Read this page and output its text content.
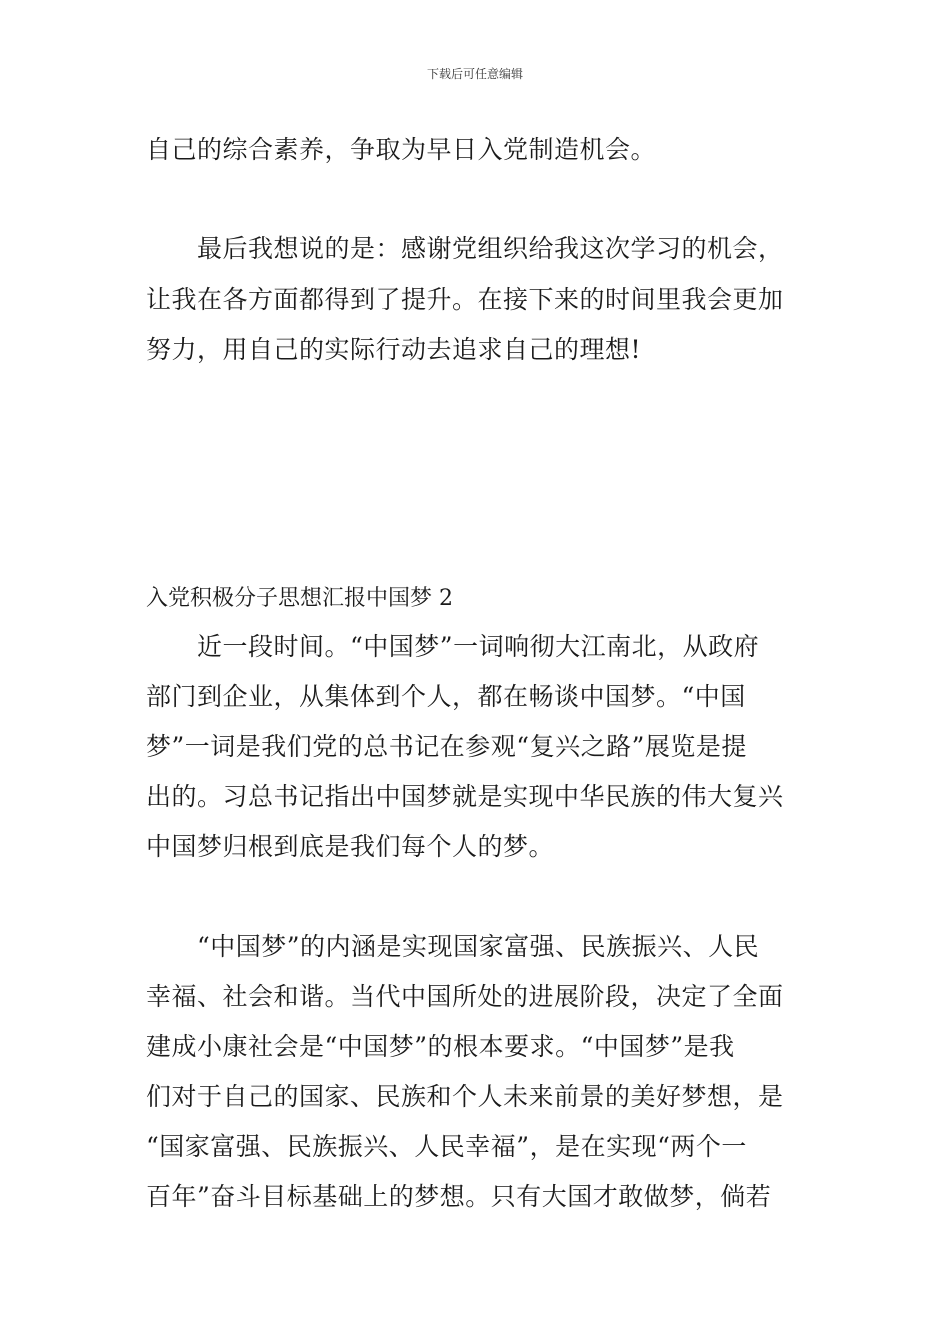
下载后可任意编辑
自己的综合素养，争取为早日入党制造机会。
　　最后我想说的是：感谢党组织给我这次学习的机会，
让我在各方面都得到了提升。在接下来的时间里我会更加
努力，用自己的实际行动去追求自己的理想!
入党积极分子思想汇报中国梦 2
　　近一段时间。“中国梦”一词响彻大江南北，从政府
部门到企业，从集体到个人，都在畅谈中国梦。“中国
梦”一词是我们党的总书记在参观“复兴之路”展览是提
出的。习总书记指出中国梦就是实现中华民族的伟大复兴
中国梦归根到底是我们每个人的梦。
　　“中国梦”的内涵是实现国家富强、民族振兴、人民
幸福、社会和谐。当代中国所处的进展阶段，决定了全面
建成小康社会是“中国梦”的根本要求。“中国梦”是我
们对于自己的国家、民族和个人未来前景的美好梦想，是
“国家富强、民族振兴、人民幸福”，是在实现“两个一
百年”奋斗目标基础上的梦想。只有大国才敢做梦，倘若
